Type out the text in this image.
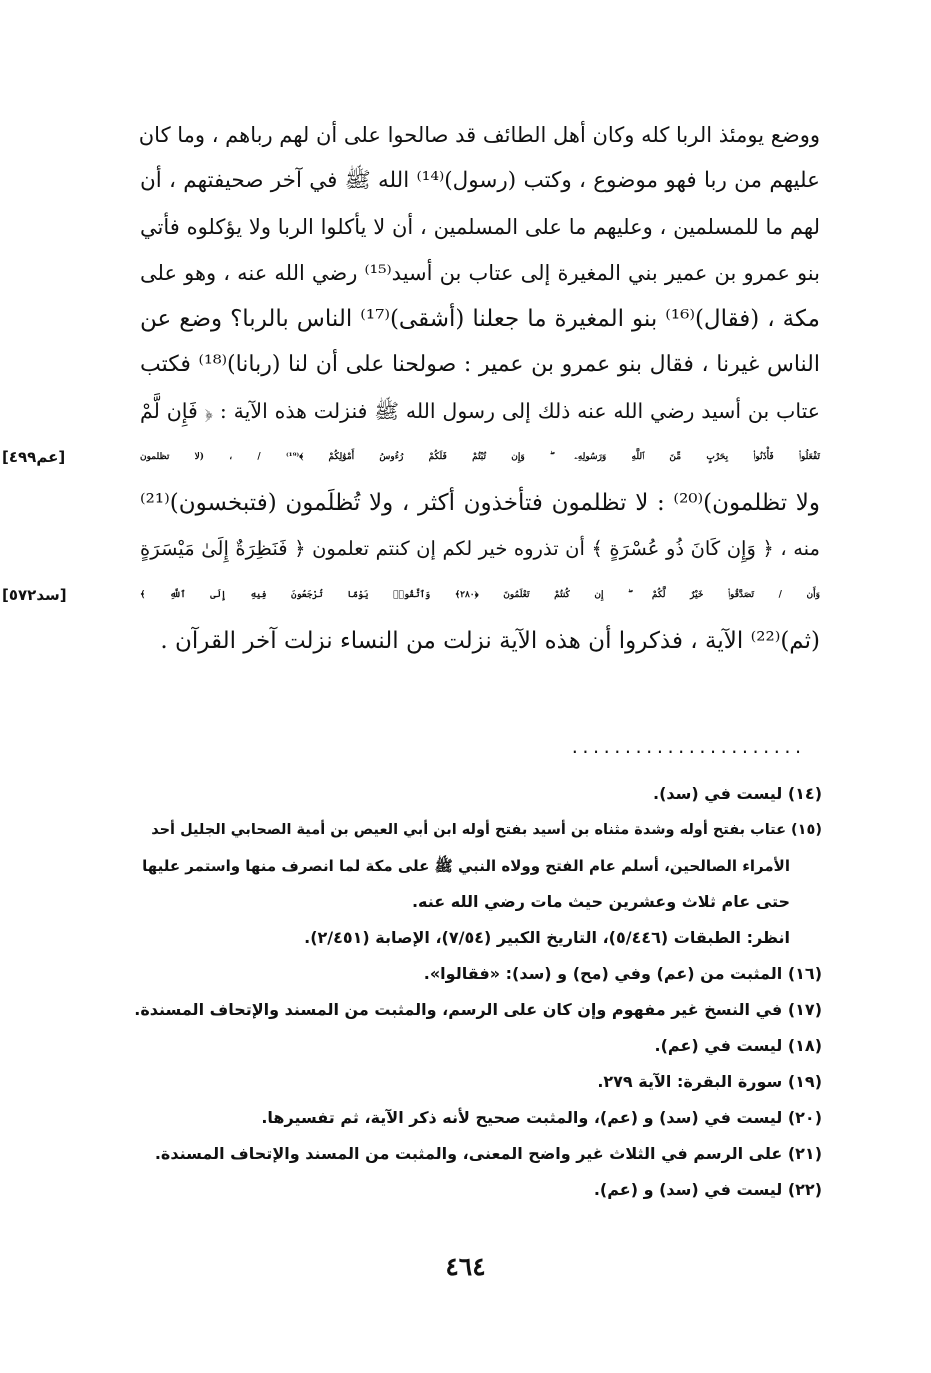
ووضع يومئذ الربا كله وكان أهل الطائف قد صالحوا على أن لهم رباهم ، وما كان
عليهم من ربا فهو موضوع ، وكتب (رسول)⁽¹⁴⁾ الله ﷺ في آخر صحيفتهم ، أن
لهم ما للمسلمين ، وعليهم ما على المسلمين ، أن لا يأكلوا الربا ولا يؤكلوه فأتي
بنو عمرو بن عمير بني المغيرة إلى عتاب بن أسيد⁽¹⁵⁾ رضي الله عنه ، وهو على
مكة ، (فقال)⁽¹⁶⁾ بنو المغيرة ما جعلنا (أشقى)⁽¹⁷⁾ الناس بالربا؟ وضع عن
الناس غيرنا ، فقال بنو عمرو بن عمير : صولحنا على أن لنا (ربانا)⁽¹⁸⁾ فكتب
عتاب بن أسيد رضي الله عنه ذلك إلى رسول الله ﷺ فنزلت هذه الآية : ﴿ فَإِن لَّمْ
تَفْعَلُوا۟ فَأْذَنُوا۟ بِحَرْبٍ مِّنَ ٱللَّهِ وَرَسُولِهِۦ ۖ وَإِن تُبْتُمْ فَلَكُمْ رُءُوسُ أَمْوَٰلِكُمْ ﴾⁽¹⁹⁾ / ، (لا تظلمون
[عم٤٩٩]
ولا تظلمون)⁽²⁰⁾ : لا تظلمون فتأخذون أكثر ، ولا تُظلَمون (فتبخسون)⁽²¹⁾
منه ، ﴿ وَإِن كَانَ ذُو عُسْرَةٍ ﴾ أن تذروه خير لكم إن كنتم تعلمون ﴿ فَنَظِرَةٌ إِلَىٰ مَيْسَرَةٍ
وَأَن / تَصَدَّقُوا۟ خَيْرٌ لَّكُمْ ۖ إِن كُنتُمْ تَعْلَمُونَ ﴿٢٨٠﴾ وَٱتَّقُوا۟ يَوْمًا تُرْجَعُونَ فِيهِ إِلَى ٱللَّهِ ﴾
[سد٥٧٢]
(ثم)⁽²²⁾ الآية ، فذكروا أن هذه الآية نزلت من النساء نزلت آخر القرآن .
......................
(١٤) ليست في (سد).
(١٥) عتاب بفتح أوله وشدة مثناه بن أسيد بفتح أوله ابن أبي العيص بن أمية الصحابي الجليل أحد
الأمراء الصالحين، أسلم عام الفتح وولاه النبي ﷺ على مكة لما انصرف منها واستمر عليها
حتى عام ثلاث وعشرين حيث مات رضي الله عنه.
انظر: الطبقات (٥/٤٤٦)، التاريخ الكبير (٧/٥٤)، الإصابة (٢/٤٥١).
(١٦) المثبت من (عم) وفي (مح) و (سد): «فقالوا».
(١٧) في النسخ غير مفهوم وإن كان على الرسم، والمثبت من المسند والإتحاف المسندة.
(١٨) ليست في (عم).
(١٩) سورة البقرة: الآية ٢٧٩.
(٢٠) ليست في (سد) و (عم)، والمثبت صحيح لأنه ذكر الآية، ثم تفسيرها.
(٢١) على الرسم في الثلاث غير واضح المعنى، والمثبت من المسند والإتحاف المسندة.
(٢٢) ليست في (سد) و (عم).
٤٦٤
